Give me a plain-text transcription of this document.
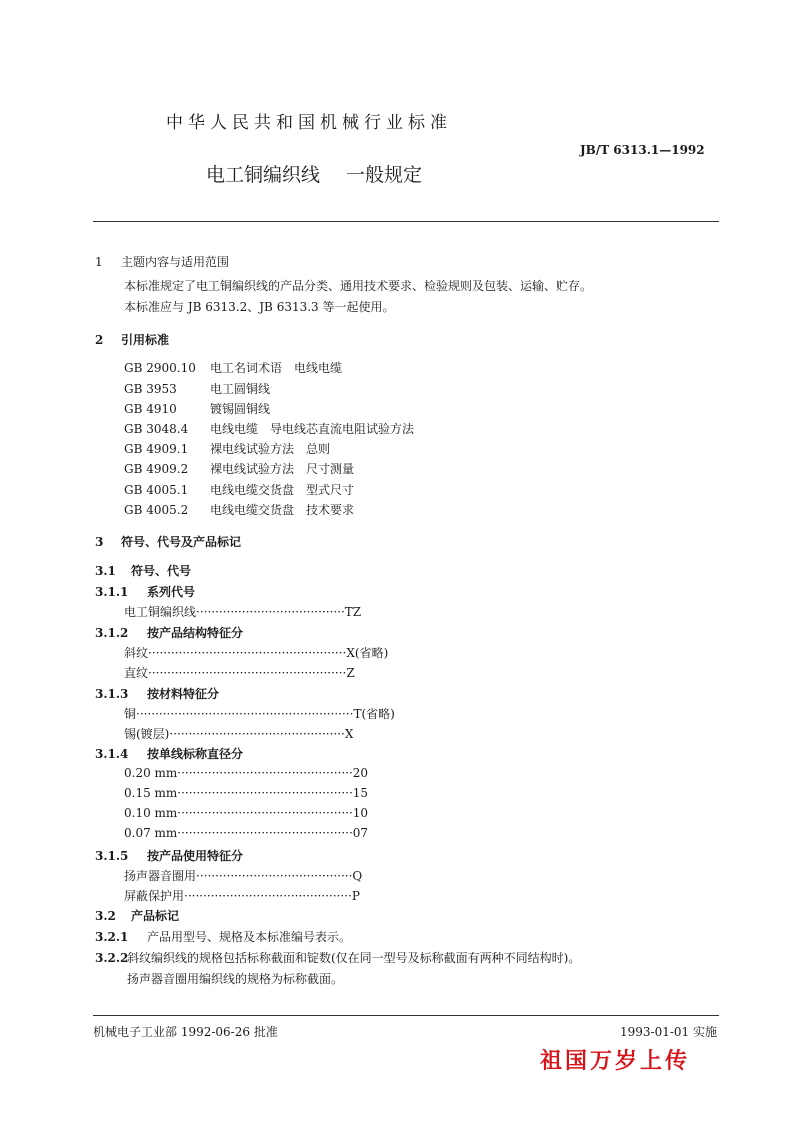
中华人民共和国机械行业标准
JB/T 6313.1—1992
电工铜编织线 一般规定
1 主题内容与适用范围
本标准规定了电工铜编织线的产品分类、通用技术要求、检验规则及包装、运输、贮存。
本标准应与 JB 6313.2、JB 6313.3 等一起使用。
2 引用标准
GB 2900.10 电工名词术语　电线电缆
GB 3953	电工圆铜线
GB 4910	镀锡圆铜线
GB 3048.4 电线电缆　导电线芯直流电阻试验方法
GB 4909.1 裸电线试验方法　总则
GB 4909.2 裸电线试验方法　尺寸测量
GB 4005.1 电线电缆交货盘　型式尺寸
GB 4005.2 电线电缆交货盘　技术要求
3 符号、代号及产品标记
3.1 符号、代号
3.1.1 系列代号
电工铜编织线·······································TZ
3.1.2 按产品结构特征分
斜纹····················································X(省略)
直纹····················································Z
3.1.3 按材料特征分
铜·························································T(省略)
锡(镀层)··············································X
3.1.4 按单线标称直径分
0.20 mm··············································20
0.15 mm··············································15
0.10 mm··············································10
0.07 mm··············································07
3.1.5 按产品使用特征分
扬声器音圈用·········································Q
屏蔽保护用············································P
3.2 产品标记
3.2.1 产品用型号、规格及本标准编号表示。
3.2.2斜纹编织线的规格包括标称截面和锭数(仅在同一型号及标称截面有两种不同结构时)。
扬声器音圈用编织线的规格为标称截面。
机械电子工业部 1992-06-26 批准	1993-01-01 实施
祖国万岁上传
